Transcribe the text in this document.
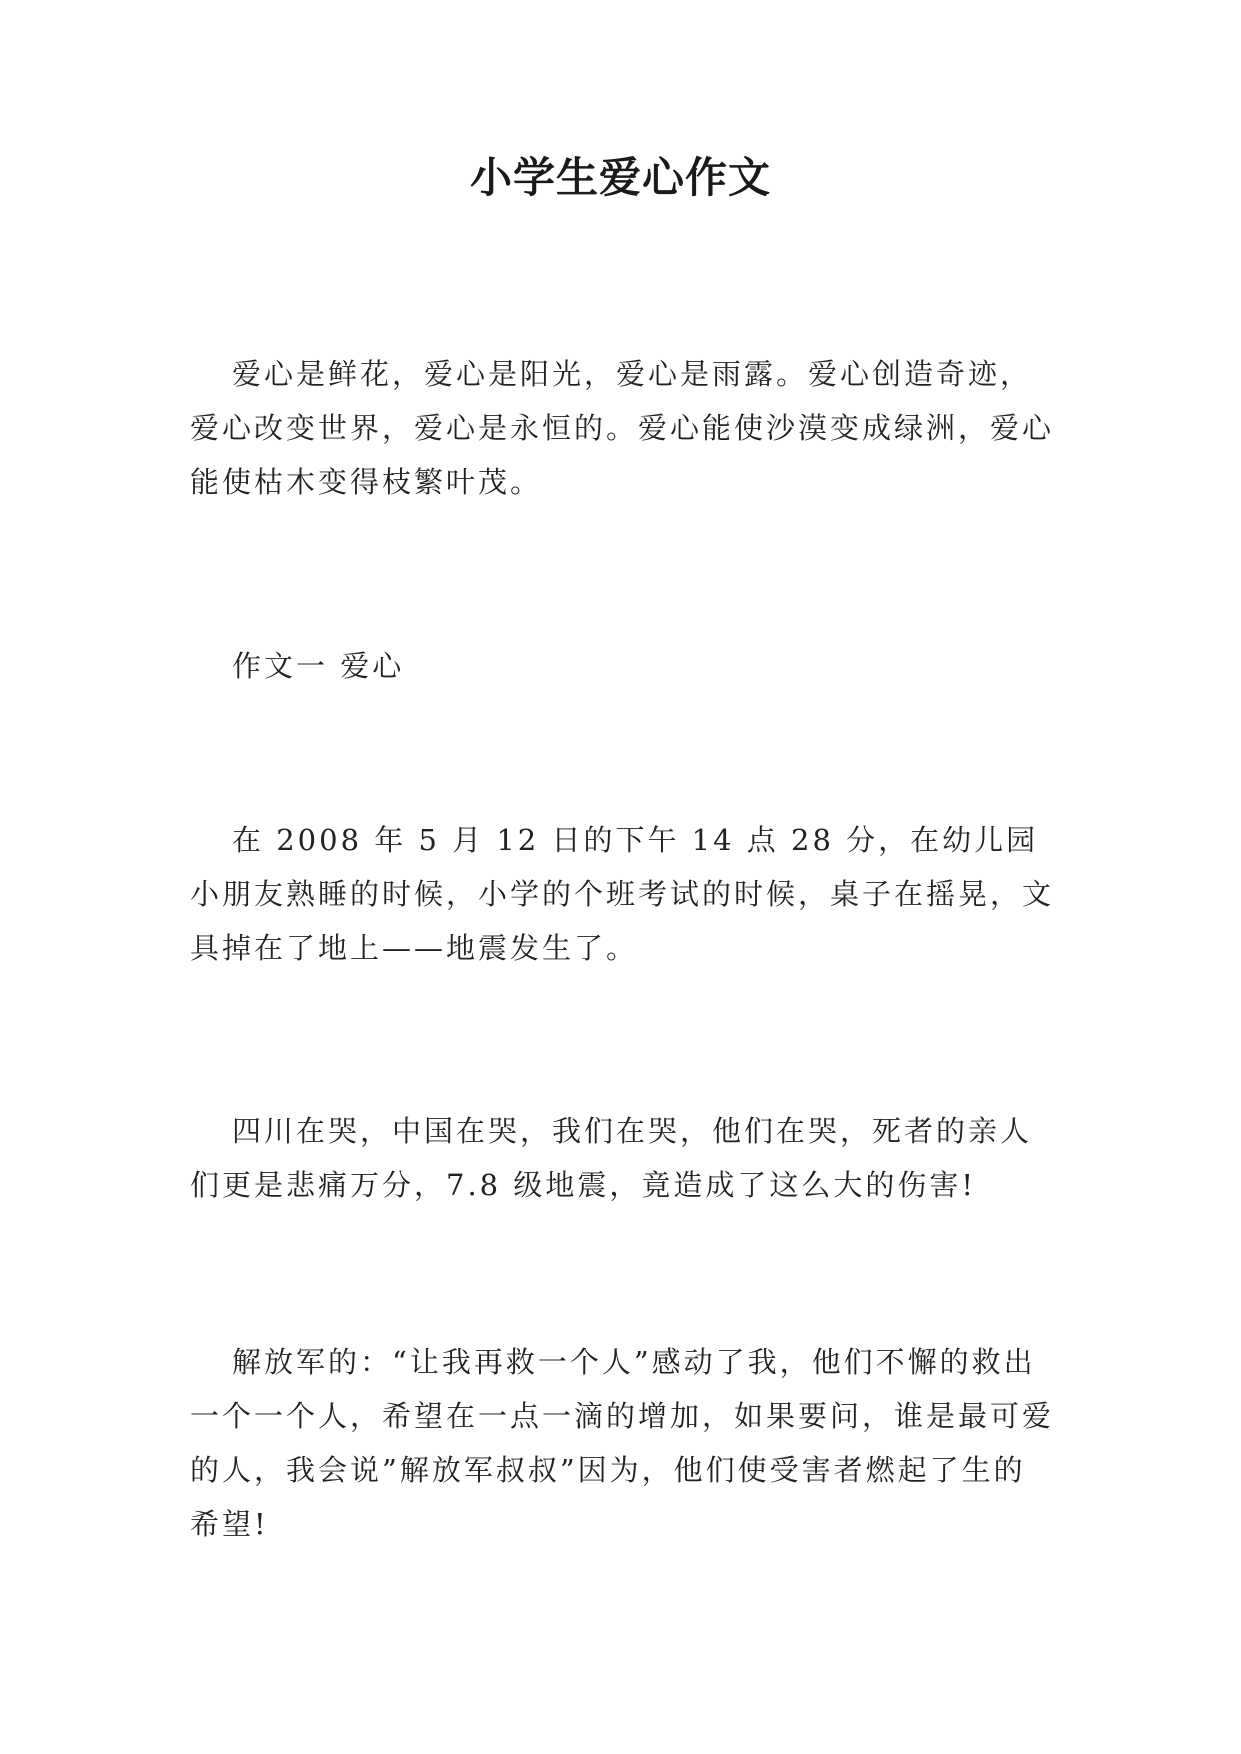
小学生爱心作文

爱心是鲜花，爱心是阳光，爱心是雨露。爱心创造奇迹，爱心改变世界，爱心是永恒的。爱心能使沙漠变成绿洲，爱心能使枯木变得枝繁叶茂。

作文一 爱心

在 2008 年 5 月 12 日的下午 14 点 28 分，在幼儿园小朋友熟睡的时候，小学的个班考试的时候，桌子在摇晃，文具掉在了地上——地震发生了。

四川在哭，中国在哭，我们在哭，他们在哭，死者的亲人们更是悲痛万分，7.8 级地震，竟造成了这么大的伤害!

解放军的：“让我再救一个人”感动了我，他们不懈的救出一个一个人，希望在一点一滴的增加，如果要问，谁是最可爱的人，我会说”解放军叔叔”因为，他们使受害者燃起了生的希望!
